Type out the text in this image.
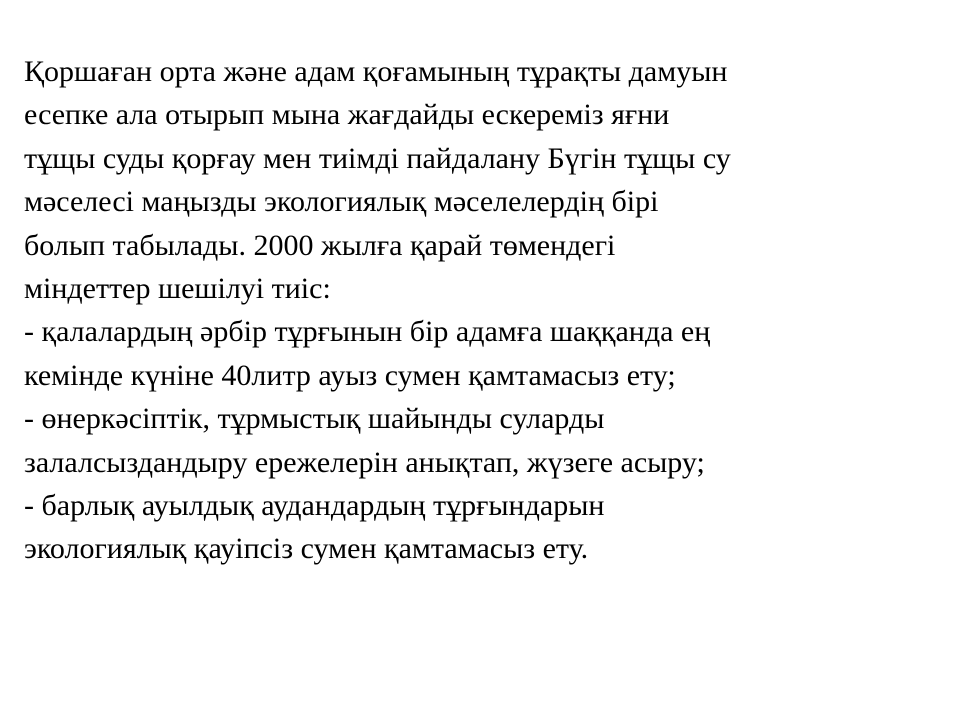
Қоршаған орта және адам қоғамының тұрақты дамуын
есепке ала отырып мына жағдайды ескереміз яғни
тұщы суды қорғау мен тиімді пайдалану Бүгін тұщы су
мәселесі маңызды экологиялық мәселелердің бірі
болып табылады. 2000 жылға қарай төмендегі
міндеттер шешілуі тиіс:
- қалалардың әрбір тұрғынын бір адамға шаққанда ең
кемінде күніне 40литр ауыз сумен қамтамасыз ету;
- өнеркәсіптік, тұрмыстық шайынды суларды
залалсыздандыру ережелерін анықтап, жүзеге асыру;
- барлық ауылдық аудандардың тұрғындарын
экологиялық қауіпсіз сумен қамтамасыз ету.
